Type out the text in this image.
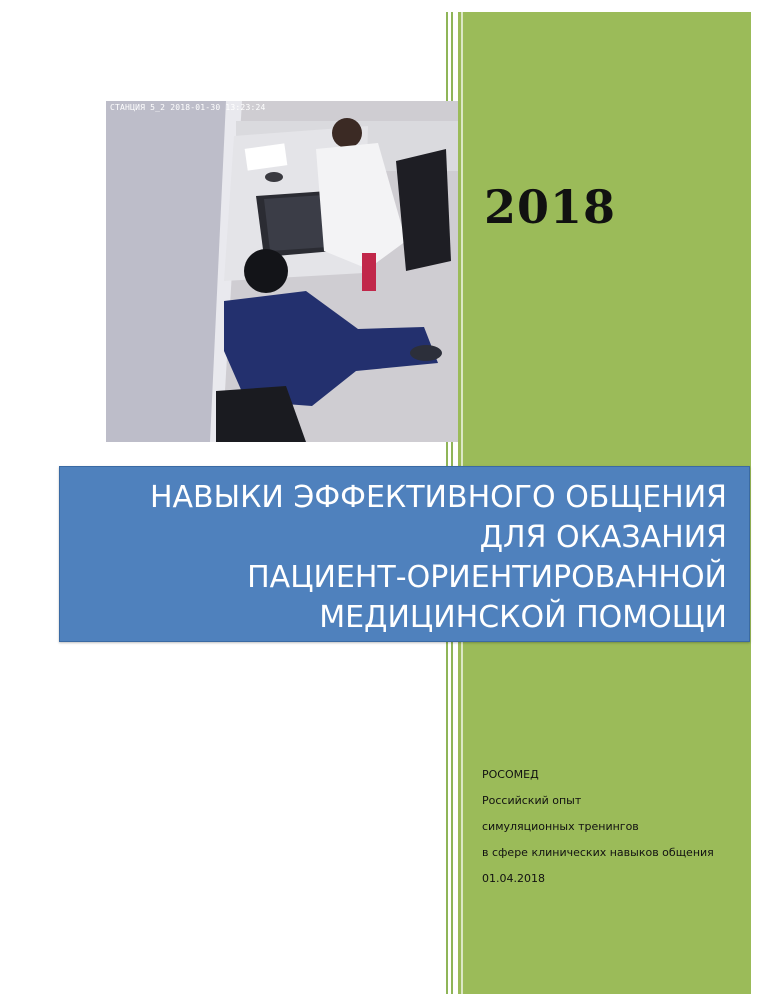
2018
СТАНЦИЯ 5_2 2018-01-30 13:23:24
НАВЫКИ ЭФФЕКТИВНОГО ОБЩЕНИЯ
ДЛЯ ОКАЗАНИЯ
ПАЦИЕНТ-ОРИЕНТИРОВАННОЙ
МЕДИЦИНСКОЙ ПОМОЩИ
РОСОМЕД
Российский опыт
симуляционных тренингов
в сфере клинических навыков общения
01.04.2018
